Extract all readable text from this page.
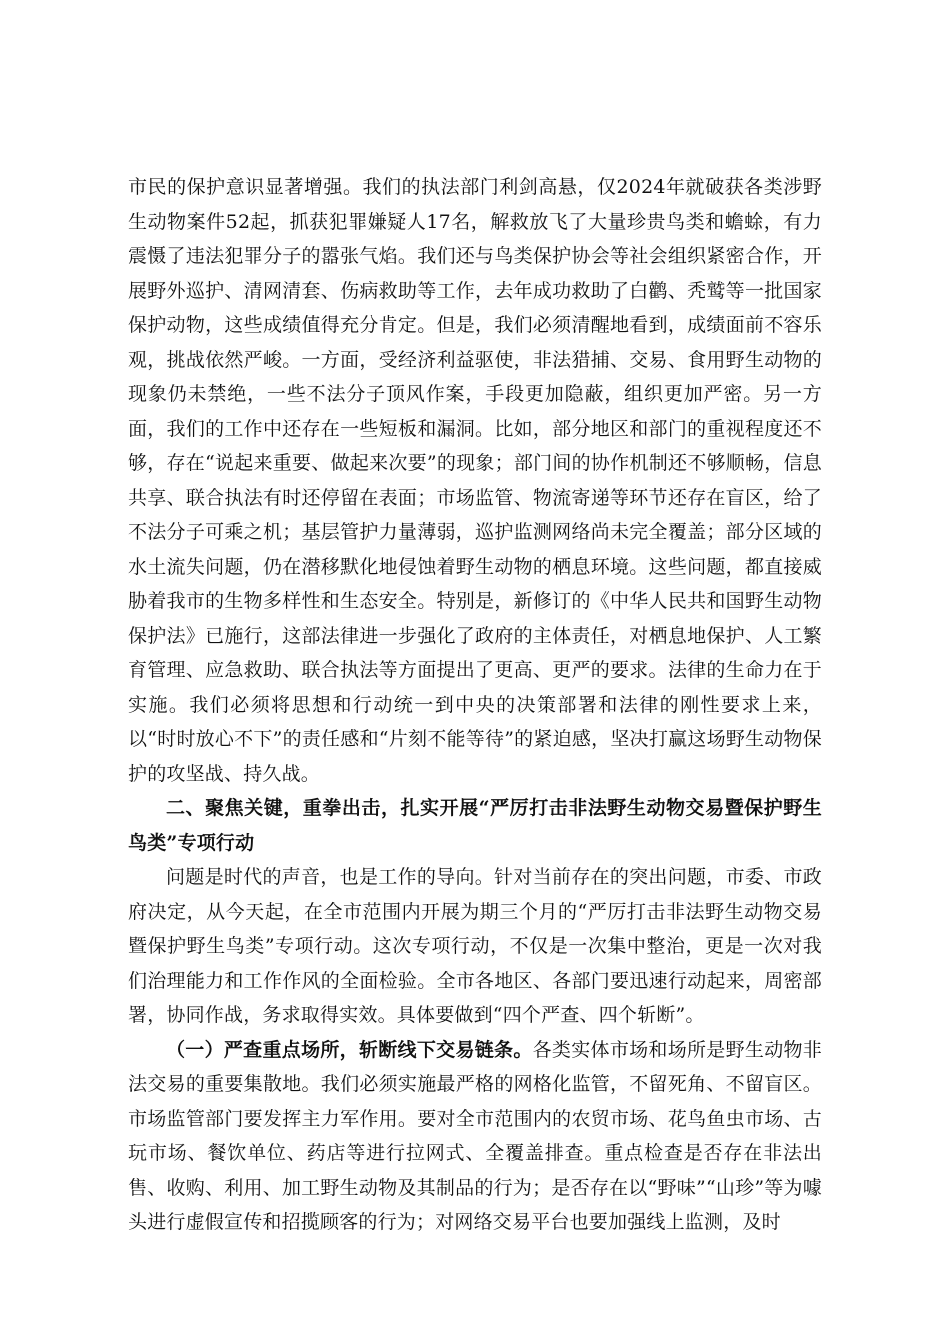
市民的保护意识显著增强。我们的执法部门利剑高悬，仅2024年就破获各类涉野生动物案件52起，抓获犯罪嫌疑人17名，解救放飞了大量珍贵鸟类和蟾蜍，有力震慑了违法犯罪分子的嚣张气焰。我们还与鸟类保护协会等社会组织紧密合作，开展野外巡护、清网清套、伤病救助等工作，去年成功救助了白鹳、秃鹫等一批国家保护动物，这些成绩值得充分肯定。但是，我们必须清醒地看到，成绩面前不容乐观，挑战依然严峻。一方面，受经济利益驱使，非法猎捕、交易、食用野生动物的现象仍未禁绝，一些不法分子顶风作案，手段更加隐蔽，组织更加严密。另一方面，我们的工作中还存在一些短板和漏洞。比如，部分地区和部门的重视程度还不够，存在“说起来重要、做起来次要”的现象；部门间的协作机制还不够顺畅，信息共享、联合执法有时还停留在表面；市场监管、物流寄递等环节还存在盲区，给了不法分子可乘之机；基层管护力量薄弱，巡护监测网络尚未完全覆盖；部分区域的水土流失问题，仍在潜移默化地侵蚀着野生动物的栖息环境。这些问题，都直接威胁着我市的生物多样性和生态安全。特别是，新修订的《中华人民共和国野生动物保护法》已施行，这部法律进一步强化了政府的主体责任，对栖息地保护、人工繁育管理、应急救助、联合执法等方面提出了更高、更严的要求。法律的生命力在于实施。我们必须将思想和行动统一到中央的决策部署和法律的刚性要求上来，以“时时放心不下”的责任感和“片刻不能等待”的紧迫感，坚决打赢这场野生动物保护的攻坚战、持久战。

二、聚焦关键，重拳出击，扎实开展“严厉打击非法野生动物交易暨保护野生鸟类”专项行动

问题是时代的声音，也是工作的导向。针对当前存在的突出问题，市委、市政府决定，从今天起，在全市范围内开展为期三个月的“严厉打击非法野生动物交易暨保护野生鸟类”专项行动。这次专项行动，不仅是一次集中整治，更是一次对我们治理能力和工作作风的全面检验。全市各地区、各部门要迅速行动起来，周密部署，协同作战，务求取得实效。具体要做到“四个严查、四个斩断”。

（一）严查重点场所，斩断线下交易链条。各类实体市场和场所是野生动物非法交易的重要集散地。我们必须实施最严格的网格化监管，不留死角、不留盲区。市场监管部门要发挥主力军作用。要对全市范围内的农贸市场、花鸟鱼虫市场、古玩市场、餐饮单位、药店等进行拉网式、全覆盖排查。重点检查是否存在非法出售、收购、利用、加工野生动物及其制品的行为；是否存在以“野味”“山珍”等为噱头进行虚假宣传和招揽顾客的行为；对网络交易平台也要加强线上监测，及时
